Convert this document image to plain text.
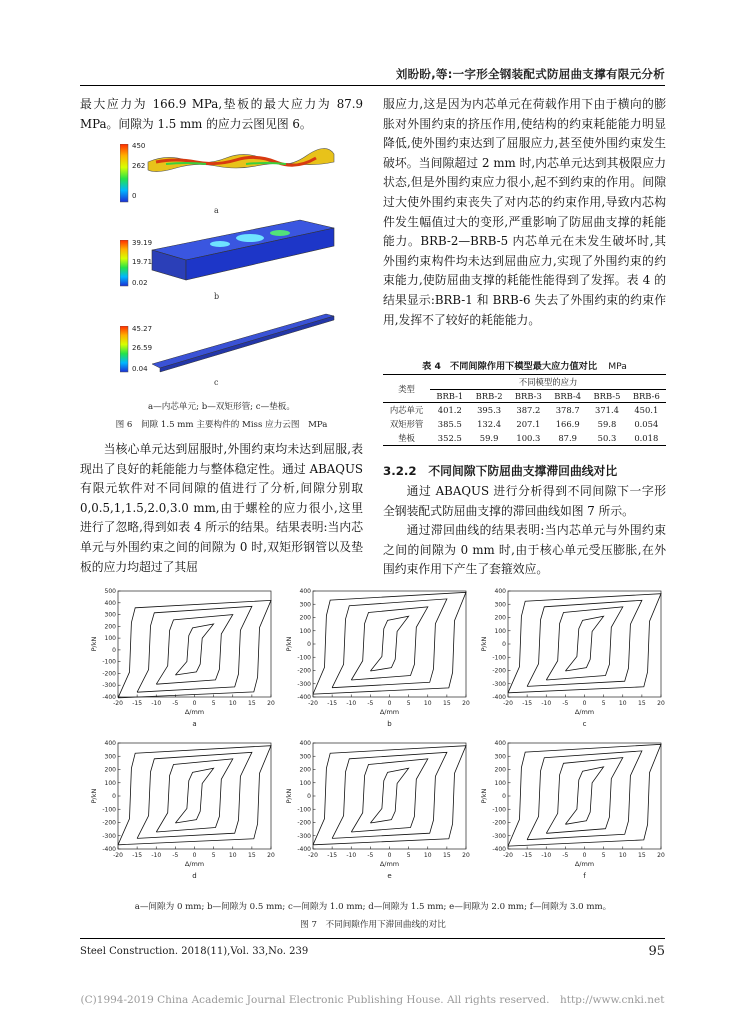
刘盼盼,等:一字形全钢装配式防屈曲支撑有限元分析

最大应力为 166.9 MPa,垫板的最大应力为 87.9 MPa。间隙为 1.5 mm 的应力云图见图 6。

450
262
0
a
39.19
19.71
0.02
b
45.27
26.59
0.04
c
a—内芯单元; b—双矩形管; c—垫板。
图 6　间隙 1.5 mm 主要构件的 Miss 应力云图　MPa

当核心单元达到屈服时,外围约束均未达到屈服,表现出了良好的耗能能力与整体稳定性。通过 ABAQUS 有限元软件对不同间隙的值进行了分析,间隙分别取 0,0.5,1,1.5,2.0,3.0 mm,由于螺栓的应力很小,这里进行了忽略,得到如表 4 所示的结果。结果表明:当内芯单元与外围约束之间的间隙为 0 时,双矩形钢管以及垫板的应力均超过了其屈

服应力,这是因为内芯单元在荷载作用下由于横向的膨胀对外围约束的挤压作用,使结构的约束耗能能力明显降低,使外围约束达到了屈服应力,甚至使外围约束发生破坏。当间隙超过 2 mm 时,内芯单元达到其极限应力状态,但是外围约束应力很小,起不到约束的作用。间隙过大使外围约束丧失了对内芯的约束作用,导致内芯构件发生幅值过大的变形,严重影响了防屈曲支撑的耗能能力。BRB-2—BRB-5 内芯单元在未发生破坏时,其外围约束构件均未达到屈曲应力,实现了外围约束的约束能力,使防屈曲支撑的耗能性能得到了发挥。表 4 的结果显示:BRB-1 和 BRB-6 失去了外围约束的约束作用,发挥不了较好的耗能能力。

表 4　不同间隙作用下模型最大应力值对比 MPa
类型	不同模型的应力					
	BRB-1	BRB-2	BRB-3	BRB-4	BRB-5	BRB-6
内芯单元	401.2	395.3	387.2	378.7	371.4	450.1
双矩形管	385.5	132.4	207.1	166.9	59.8	0.054
垫板	352.5	59.9	100.3	87.9	50.3	0.018
3.2.2　不同间隙下防屈曲支撑滞回曲线对比

通过 ABAQUS 进行分析得到不同间隙下一字形全钢装配式防屈曲支撑的滞回曲线如图 7 所示。

通过滞回曲线的结果表明:当内芯单元与外围约束之间的间隙为 0 mm 时,由于核心单元受压膨胀,在外围约束作用下产生了套箍效应。

-20 -15 -10 -5 0	5 10 15 20
-400
-300
-200
-100
0
100
200
300
400
500
Δ/mm
P/kN
a
-20 -15 -10 -5 0	5 10 15 20
-400
-300
-200
-100
0
100
200
300
400
Δ/mm
P/kN
b
-20 -15 -10 -5 0	5 10 15 20
-400
-300
-200
-100
0
100
200
300
400
Δ/mm
P/kN
c
-20 -15 -10 -5 0	5 10 15 20
-400
-300
-200
-100
0
100
200
300
400
Δ/mm
P/kN
d
-20 -15 -10 -5 0	5 10 15 20
-400
-300
-200
-100
0
100
200
300
400
Δ/mm
P/kN
e
-20 -15 -10 -5 0	5 10 15 20
-400
-300
-200
-100
0
100
200
300
400
Δ/mm
P/kN
f
a—间隙为 0 mm; b—间隙为 0.5 mm; c—间隙为 1.0 mm; d—间隙为 1.5 mm; e—间隙为 2.0 mm; f—间隙为 3.0 mm。
图 7　不同间隙作用下滞回曲线的对比
Steel Construction. 2018(11),Vol. 33,No. 239	95
(C)1994-2019 China Academic Journal Electronic Publishing House. All rights reserved.　http://www.cnki.net
